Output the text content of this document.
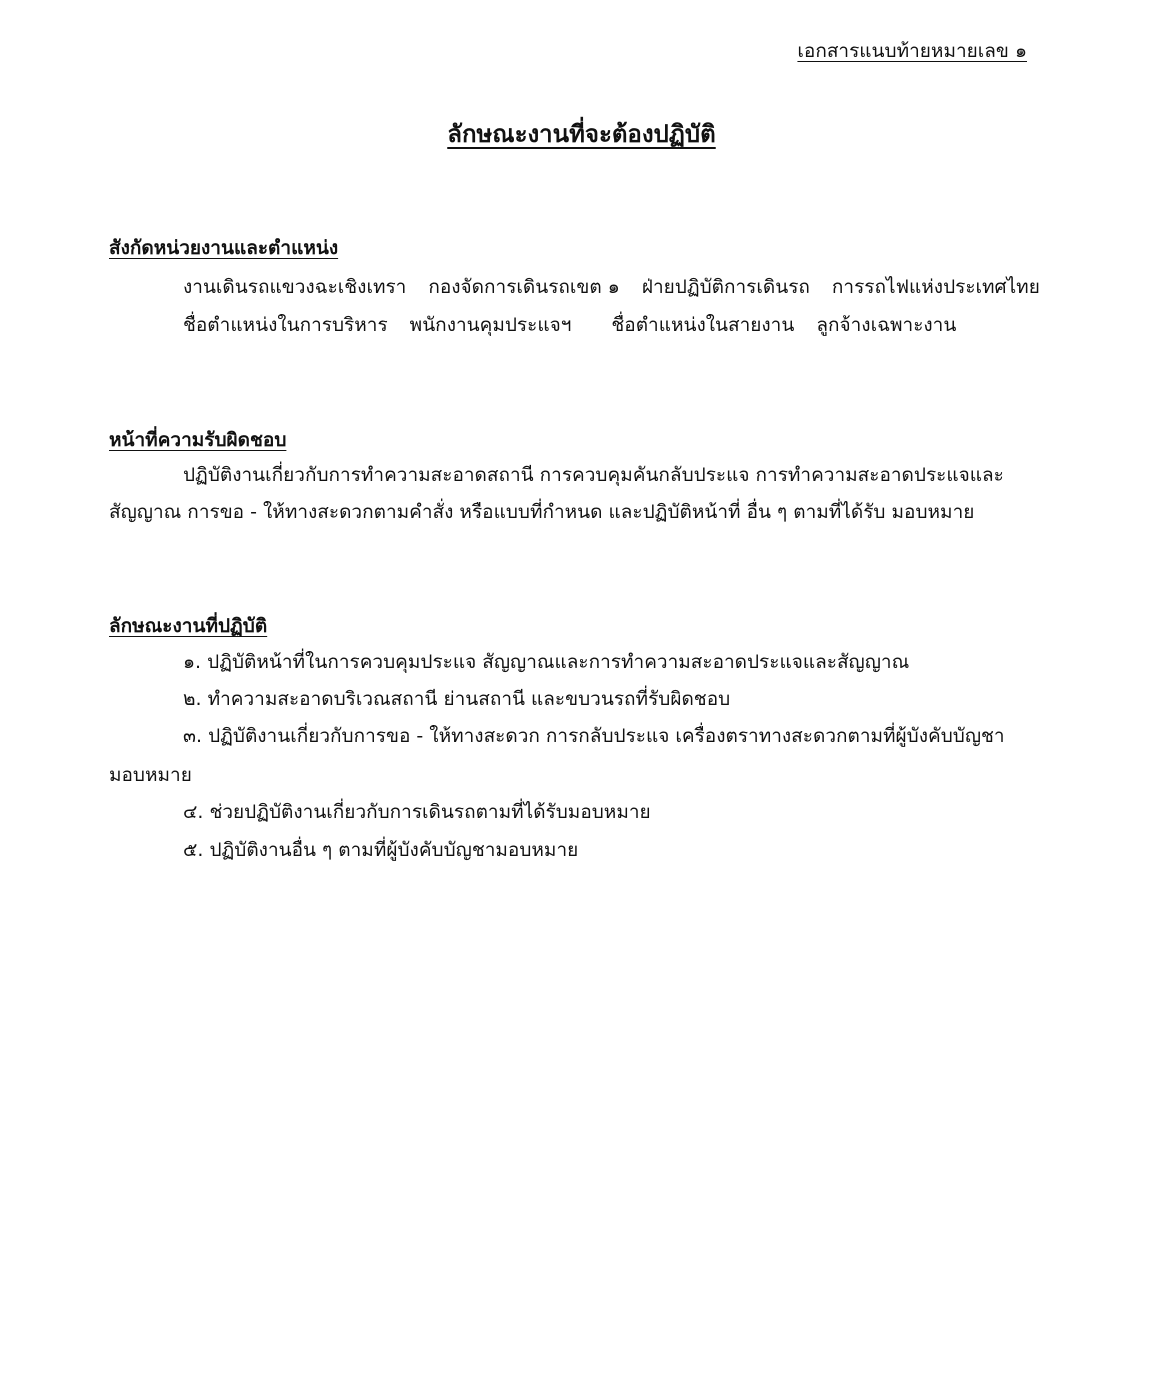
เอกสารแนบท้ายหมายเลข ๑
ลักษณะงานที่จะต้องปฏิบัติ
สังกัดหน่วยงานและตำแหน่ง
งานเดินรถแขวงฉะเชิงเทรา กองจัดการเดินรถเขต ๑ ฝ่ายปฏิบัติการเดินรถ การรถไฟแห่งประเทศไทย
ชื่อตำแหน่งในการบริหาร พนักงานคุมประแจฯ ชื่อตำแหน่งในสายงาน ลูกจ้างเฉพาะงาน
หน้าที่ความรับผิดชอบ
ปฏิบัติงานเกี่ยวกับการทำความสะอาดสถานี การควบคุมคันกลับประแจ การทำความสะอาดประแจและ
สัญญาณ การขอ - ให้ทางสะดวกตามคำสั่ง หรือแบบที่กำหนด และปฏิบัติหน้าที่ อื่น ๆ ตามที่ได้รับ มอบหมาย
ลักษณะงานที่ปฏิบัติ
๑. ปฏิบัติหน้าที่ในการควบคุมประแจ สัญญาณและการทำความสะอาดประแจและสัญญาณ
๒. ทำความสะอาดบริเวณสถานี ย่านสถานี และขบวนรถที่รับผิดชอบ
๓. ปฏิบัติงานเกี่ยวกับการขอ - ให้ทางสะดวก การกลับประแจ เครื่องตราทางสะดวกตามที่ผู้บังคับบัญชา
มอบหมาย
๔. ช่วยปฏิบัติงานเกี่ยวกับการเดินรถตามที่ได้รับมอบหมาย
๕. ปฏิบัติงานอื่น ๆ ตามที่ผู้บังคับบัญชามอบหมาย
